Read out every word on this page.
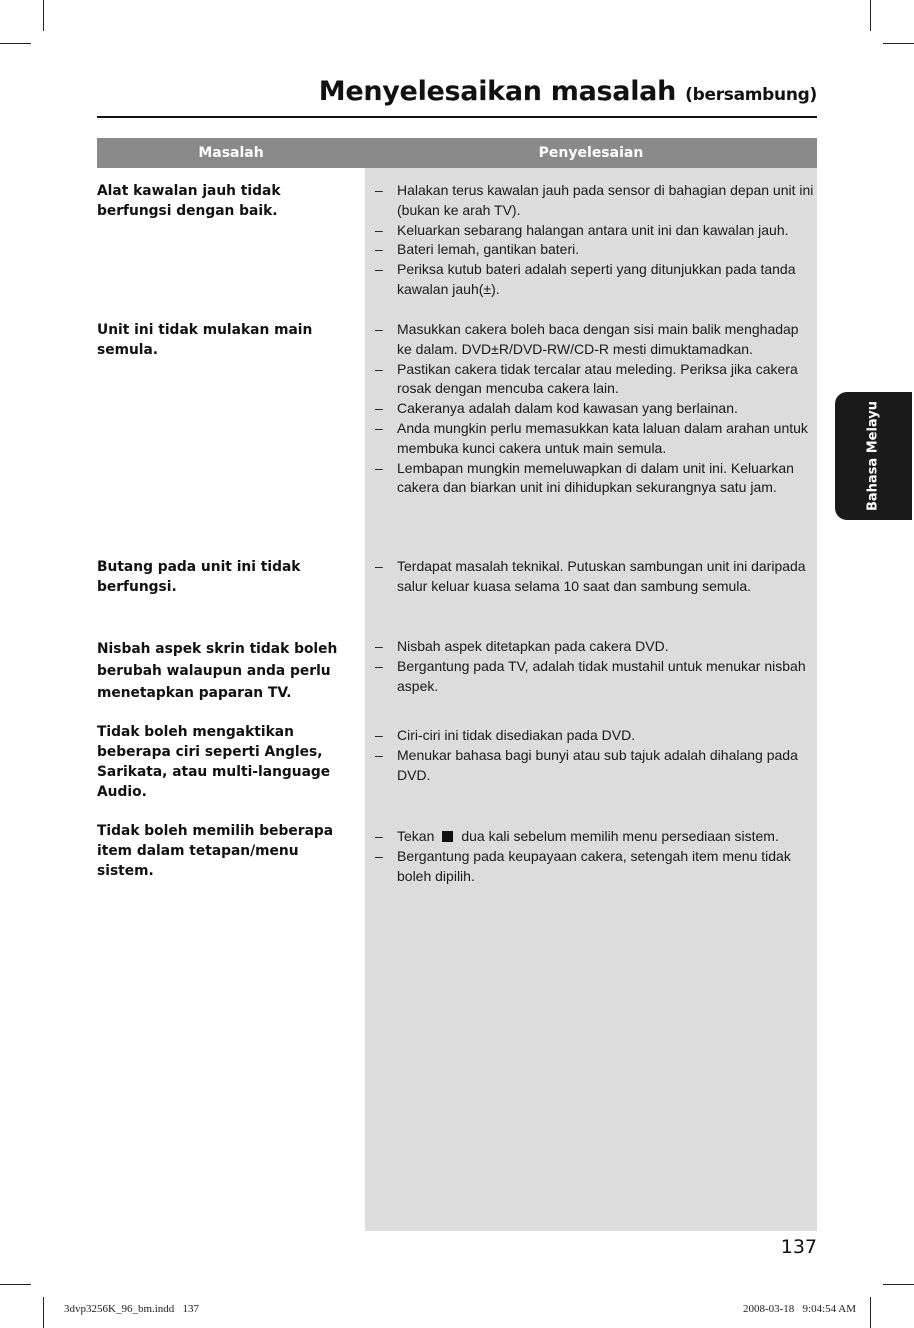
Menyelesaikan masalah (bersambung)
Masalah	Penyelesaian

Alat kawalan jauh tidak berfungsi dengan baik.

– Halakan terus kawalan jauh pada sensor di bahagian depan unit ini (bukan ke arah TV).
– Keluarkan sebarang halangan antara unit ini dan kawalan jauh.
– Bateri lemah, gantikan bateri.
– Periksa kutub bateri adalah seperti yang ditunjukkan pada tanda kawalan jauh(±).

Unit ini tidak mulakan main semula.

– Masukkan cakera boleh baca dengan sisi main balik menghadap ke dalam. DVD±R/DVD-RW/CD-R mesti dimuktamadkan.
– Pastikan cakera tidak tercalar atau meleding. Periksa jika cakera rosak dengan mencuba cakera lain.
– Cakeranya adalah dalam kod kawasan yang berlainan.
– Anda mungkin perlu memasukkan kata laluan dalam arahan untuk membuka kunci cakera untuk main semula.
– Lembapan mungkin memeluwapkan di dalam unit ini. Keluarkan cakera dan biarkan unit ini dihidupkan sekurangnya satu jam.

Butang pada unit ini tidak berfungsi.

– Terdapat masalah teknikal. Putuskan sambungan unit ini daripada salur keluar kuasa selama 10 saat dan sambung semula.

Nisbah aspek skrin tidak boleh berubah walaupun anda perlu menetapkan paparan TV.

– Nisbah aspek ditetapkan pada cakera DVD.
– Bergantung pada TV, adalah tidak mustahil untuk menukar nisbah aspek.

Tidak boleh mengaktikan beberapa ciri seperti Angles, Sarikata, atau multi-language Audio.

– Ciri-ciri ini tidak disediakan pada DVD.
– Menukar bahasa bagi bunyi atau sub tajuk adalah dihalang pada DVD.

Tidak boleh memilih beberapa item dalam tetapan/menu sistem.

– Tekan dua kali sebelum memilih menu persediaan sistem.
– Bergantung pada keupayaan cakera, setengah item menu tidak boleh dipilih.
Bahasa Melayu
137
3dvp3256K_96_bm.indd   137	2008-03-18   9:04:54 AM
